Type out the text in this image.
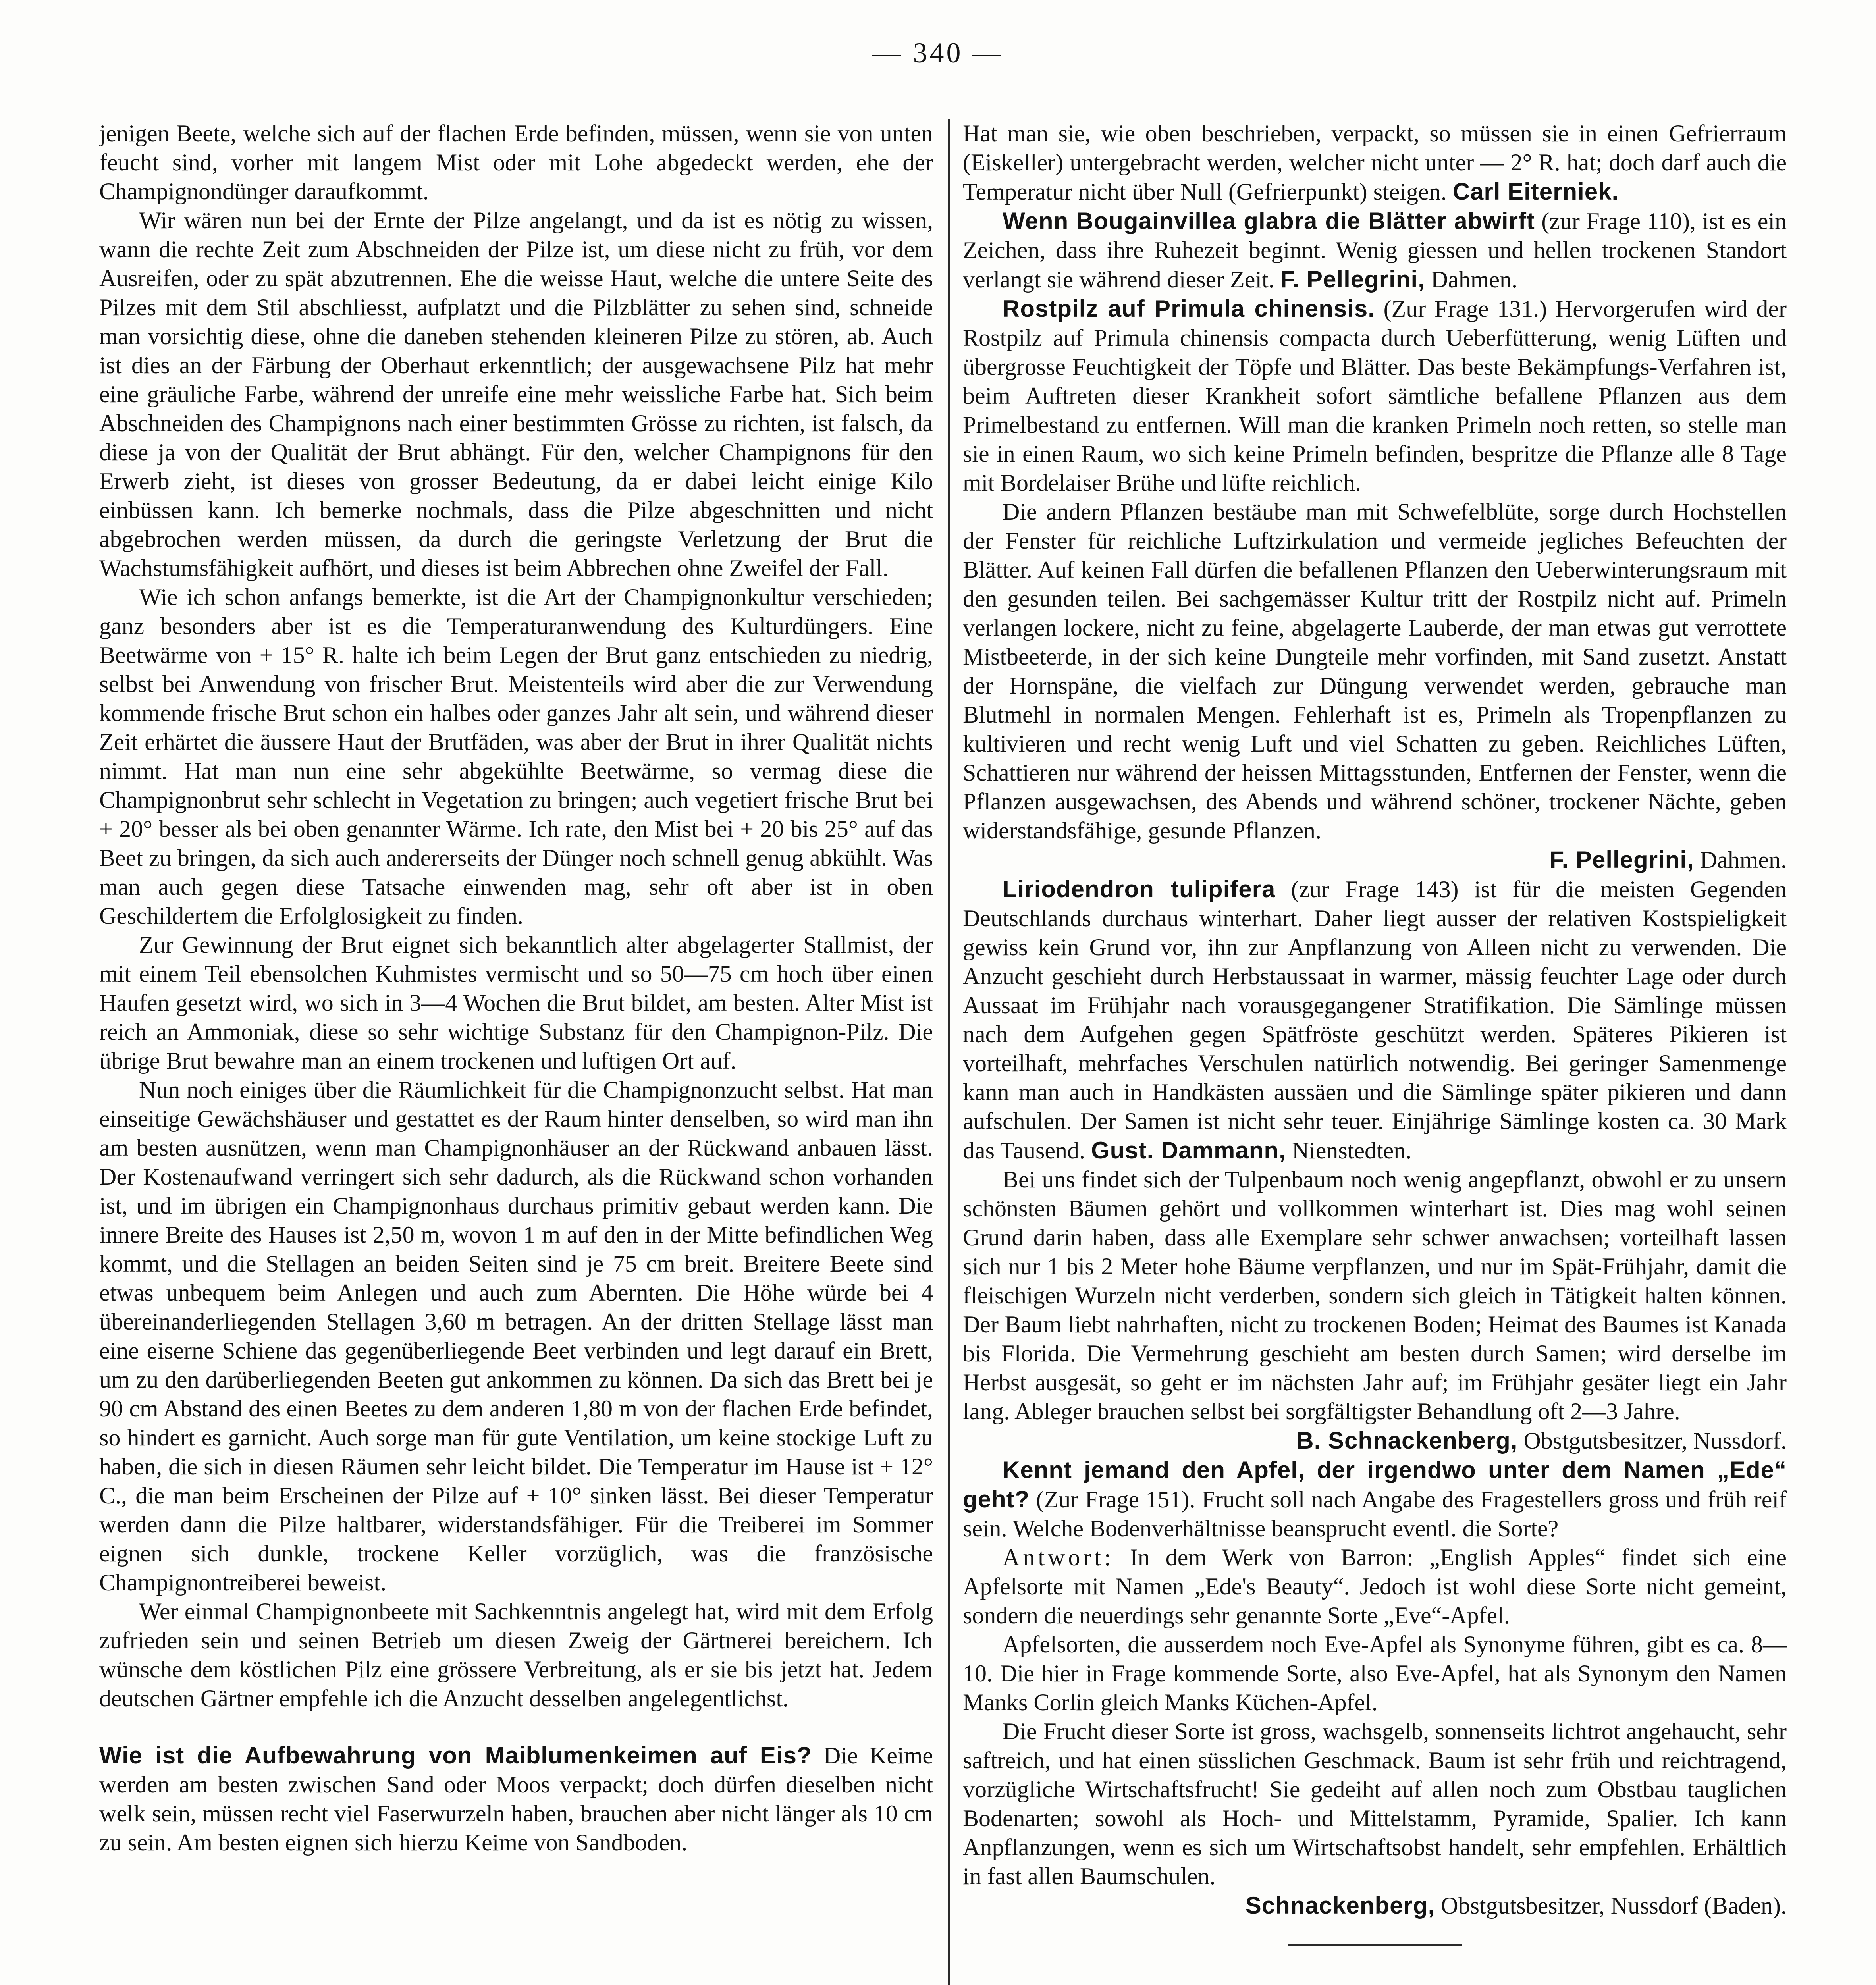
— 340 —

jenigen Beete, welche sich auf der flachen Erde befinden, müssen, wenn sie von unten feucht sind, vorher mit langem Mist oder mit Lohe abgedeckt werden, ehe der Champignondünger daraufkommt.

Wir wären nun bei der Ernte der Pilze angelangt, und da ist es nötig zu wissen, wann die rechte Zeit zum Abschneiden der Pilze ist, um diese nicht zu früh, vor dem Ausreifen, oder zu spät abzutrennen. Ehe die weisse Haut, welche die untere Seite des Pilzes mit dem Stil abschliesst, aufplatzt und die Pilzblätter zu sehen sind, schneide man vorsichtig diese, ohne die daneben stehenden kleineren Pilze zu stören, ab. Auch ist dies an der Färbung der Oberhaut erkenntlich; der ausgewachsene Pilz hat mehr eine gräuliche Farbe, während der unreife eine mehr weissliche Farbe hat. Sich beim Abschneiden des Champignons nach einer bestimmten Grösse zu richten, ist falsch, da diese ja von der Qualität der Brut abhängt. Für den, welcher Champignons für den Erwerb zieht, ist dieses von grosser Bedeutung, da er dabei leicht einige Kilo einbüssen kann. Ich bemerke nochmals, dass die Pilze abgeschnitten und nicht abgebrochen werden müssen, da durch die geringste Verletzung der Brut die Wachstumsfähigkeit aufhört, und dieses ist beim Abbrechen ohne Zweifel der Fall.

Wie ich schon anfangs bemerkte, ist die Art der Champignonkultur verschieden; ganz besonders aber ist es die Temperaturanwendung des Kulturdüngers. Eine Beetwärme von + 15° R. halte ich beim Legen der Brut ganz entschieden zu niedrig, selbst bei Anwendung von frischer Brut. Meistenteils wird aber die zur Verwendung kommende frische Brut schon ein halbes oder ganzes Jahr alt sein, und während dieser Zeit erhärtet die äussere Haut der Brutfäden, was aber der Brut in ihrer Qualität nichts nimmt. Hat man nun eine sehr abgekühlte Beetwärme, so vermag diese die Champignonbrut sehr schlecht in Vegetation zu bringen; auch vegetiert frische Brut bei + 20° besser als bei oben genannter Wärme. Ich rate, den Mist bei + 20 bis 25° auf das Beet zu bringen, da sich auch andererseits der Dünger noch schnell genug abkühlt. Was man auch gegen diese Tatsache einwenden mag, sehr oft aber ist in oben Geschildertem die Erfolglosigkeit zu finden.

Zur Gewinnung der Brut eignet sich bekanntlich alter abgelagerter Stallmist, der mit einem Teil ebensolchen Kuhmistes vermischt und so 50—75 cm hoch über einen Haufen gesetzt wird, wo sich in 3—4 Wochen die Brut bildet, am besten. Alter Mist ist reich an Ammoniak, diese so sehr wichtige Substanz für den Champignon-Pilz. Die übrige Brut bewahre man an einem trockenen und luftigen Ort auf.

Nun noch einiges über die Räumlichkeit für die Champignonzucht selbst. Hat man einseitige Gewächshäuser und gestattet es der Raum hinter denselben, so wird man ihn am besten ausnützen, wenn man Champignonhäuser an der Rückwand anbauen lässt. Der Kostenaufwand verringert sich sehr dadurch, als die Rückwand schon vorhanden ist, und im übrigen ein Champignonhaus durchaus primitiv gebaut werden kann. Die innere Breite des Hauses ist 2,50 m, wovon 1 m auf den in der Mitte befindlichen Weg kommt, und die Stellagen an beiden Seiten sind je 75 cm breit. Breitere Beete sind etwas unbequem beim Anlegen und auch zum Abernten. Die Höhe würde bei 4 übereinanderliegenden Stellagen 3,60 m betragen. An der dritten Stellage lässt man eine eiserne Schiene das gegenüberliegende Beet verbinden und legt darauf ein Brett, um zu den darüberliegenden Beeten gut ankommen zu können. Da sich das Brett bei je 90 cm Abstand des einen Beetes zu dem anderen 1,80 m von der flachen Erde befindet, so hindert es garnicht. Auch sorge man für gute Ventilation, um keine stockige Luft zu haben, die sich in diesen Räumen sehr leicht bildet. Die Temperatur im Hause ist + 12° C., die man beim Erscheinen der Pilze auf + 10° sinken lässt. Bei dieser Temperatur werden dann die Pilze haltbarer, widerstandsfähiger. Für die Treiberei im Sommer eignen sich dunkle, trockene Keller vorzüglich, was die französische Champignontreiberei beweist.

Wer einmal Champignonbeete mit Sachkenntnis angelegt hat, wird mit dem Erfolg zufrieden sein und seinen Betrieb um diesen Zweig der Gärtnerei bereichern. Ich wünsche dem köstlichen Pilz eine grössere Verbreitung, als er sie bis jetzt hat. Jedem deutschen Gärtner empfehle ich die Anzucht desselben angelegentlichst.

Wie ist die Aufbewahrung von Maiblumenkeimen auf Eis? Die Keime werden am besten zwischen Sand oder Moos verpackt; doch dürfen dieselben nicht welk sein, müssen recht viel Faserwurzeln haben, brauchen aber nicht länger als 10 cm zu sein. Am besten eignen sich hierzu Keime von Sandboden.

Hat man sie, wie oben beschrieben, verpackt, so müssen sie in einen Gefrierraum (Eiskeller) untergebracht werden, welcher nicht unter — 2° R. hat; doch darf auch die Temperatur nicht über Null (Gefrierpunkt) steigen. Carl Eiterniek.

Wenn Bougainvillea glabra die Blätter abwirft (zur Frage 110), ist es ein Zeichen, dass ihre Ruhezeit beginnt. Wenig giessen und hellen trockenen Standort verlangt sie während dieser Zeit. F. Pellegrini, Dahmen.

Rostpilz auf Primula chinensis. (Zur Frage 131.) Hervorgerufen wird der Rostpilz auf Primula chinensis compacta durch Ueberfütterung, wenig Lüften und übergrosse Feuchtigkeit der Töpfe und Blätter. Das beste Bekämpfungs-Verfahren ist, beim Auftreten dieser Krankheit sofort sämtliche befallene Pflanzen aus dem Primelbestand zu entfernen. Will man die kranken Primeln noch retten, so stelle man sie in einen Raum, wo sich keine Primeln befinden, bespritze die Pflanze alle 8 Tage mit Bordelaiser Brühe und lüfte reichlich.

Die andern Pflanzen bestäube man mit Schwefelblüte, sorge durch Hochstellen der Fenster für reichliche Luftzirkulation und vermeide jegliches Befeuchten der Blätter. Auf keinen Fall dürfen die befallenen Pflanzen den Ueberwinterungsraum mit den gesunden teilen. Bei sachgemässer Kultur tritt der Rostpilz nicht auf. Primeln verlangen lockere, nicht zu feine, abgelagerte Lauberde, der man etwas gut verrottete Mistbeeterde, in der sich keine Dungteile mehr vorfinden, mit Sand zusetzt. Anstatt der Hornspäne, die vielfach zur Düngung verwendet werden, gebrauche man Blutmehl in normalen Mengen. Fehlerhaft ist es, Primeln als Tropenpflanzen zu kultivieren und recht wenig Luft und viel Schatten zu geben. Reichliches Lüften, Schattieren nur während der heissen Mittagsstunden, Entfernen der Fenster, wenn die Pflanzen ausgewachsen, des Abends und während schöner, trockener Nächte, geben widerstandsfähige, gesunde Pflanzen.

F. Pellegrini, Dahmen.

Liriodendron tulipifera (zur Frage 143) ist für die meisten Gegenden Deutschlands durchaus winterhart. Daher liegt ausser der relativen Kostspieligkeit gewiss kein Grund vor, ihn zur Anpflanzung von Alleen nicht zu verwenden. Die Anzucht geschieht durch Herbstaussaat in warmer, mässig feuchter Lage oder durch Aussaat im Frühjahr nach vorausgegangener Stratifikation. Die Sämlinge müssen nach dem Aufgehen gegen Spätfröste geschützt werden. Späteres Pikieren ist vorteilhaft, mehrfaches Verschulen natürlich notwendig. Bei geringer Samenmenge kann man auch in Handkästen aussäen und die Sämlinge später pikieren und dann aufschulen. Der Samen ist nicht sehr teuer. Einjährige Sämlinge kosten ca. 30 Mark das Tausend. Gust. Dammann, Nienstedten.

Bei uns findet sich der Tulpenbaum noch wenig angepflanzt, obwohl er zu unsern schönsten Bäumen gehört und vollkommen winterhart ist. Dies mag wohl seinen Grund darin haben, dass alle Exemplare sehr schwer anwachsen; vorteilhaft lassen sich nur 1 bis 2 Meter hohe Bäume verpflanzen, und nur im Spät-Frühjahr, damit die fleischigen Wurzeln nicht verderben, sondern sich gleich in Tätigkeit halten können. Der Baum liebt nahrhaften, nicht zu trockenen Boden; Heimat des Baumes ist Kanada bis Florida. Die Vermehrung geschieht am besten durch Samen; wird derselbe im Herbst ausgesät, so geht er im nächsten Jahr auf; im Frühjahr gesäter liegt ein Jahr lang. Ableger brauchen selbst bei sorgfältigster Behandlung oft 2—3 Jahre.

B. Schnackenberg, Obstgutsbesitzer, Nussdorf.

Kennt jemand den Apfel, der irgendwo unter dem Namen „Ede“ geht? (Zur Frage 151). Frucht soll nach Angabe des Fragestellers gross und früh reif sein. Welche Bodenverhältnisse beansprucht eventl. die Sorte?

Antwort: In dem Werk von Barron: „English Apples“ findet sich eine Apfelsorte mit Namen „Ede's Beauty“. Jedoch ist wohl diese Sorte nicht gemeint, sondern die neuerdings sehr genannte Sorte „Eve“-Apfel.

Apfelsorten, die ausserdem noch Eve-Apfel als Synonyme führen, gibt es ca. 8—10. Die hier in Frage kommende Sorte, also Eve-Apfel, hat als Synonym den Namen Manks Corlin gleich Manks Küchen-Apfel.

Die Frucht dieser Sorte ist gross, wachsgelb, sonnenseits lichtrot angehaucht, sehr saftreich, und hat einen süsslichen Geschmack. Baum ist sehr früh und reichtragend, vorzügliche Wirtschaftsfrucht! Sie gedeiht auf allen noch zum Obstbau tauglichen Bodenarten; sowohl als Hoch- und Mittelstamm, Pyramide, Spalier. Ich kann Anpflanzungen, wenn es sich um Wirtschaftsobst handelt, sehr empfehlen. Erhältlich in fast allen Baumschulen.

Schnackenberg, Obstgutsbesitzer, Nussdorf (Baden).
